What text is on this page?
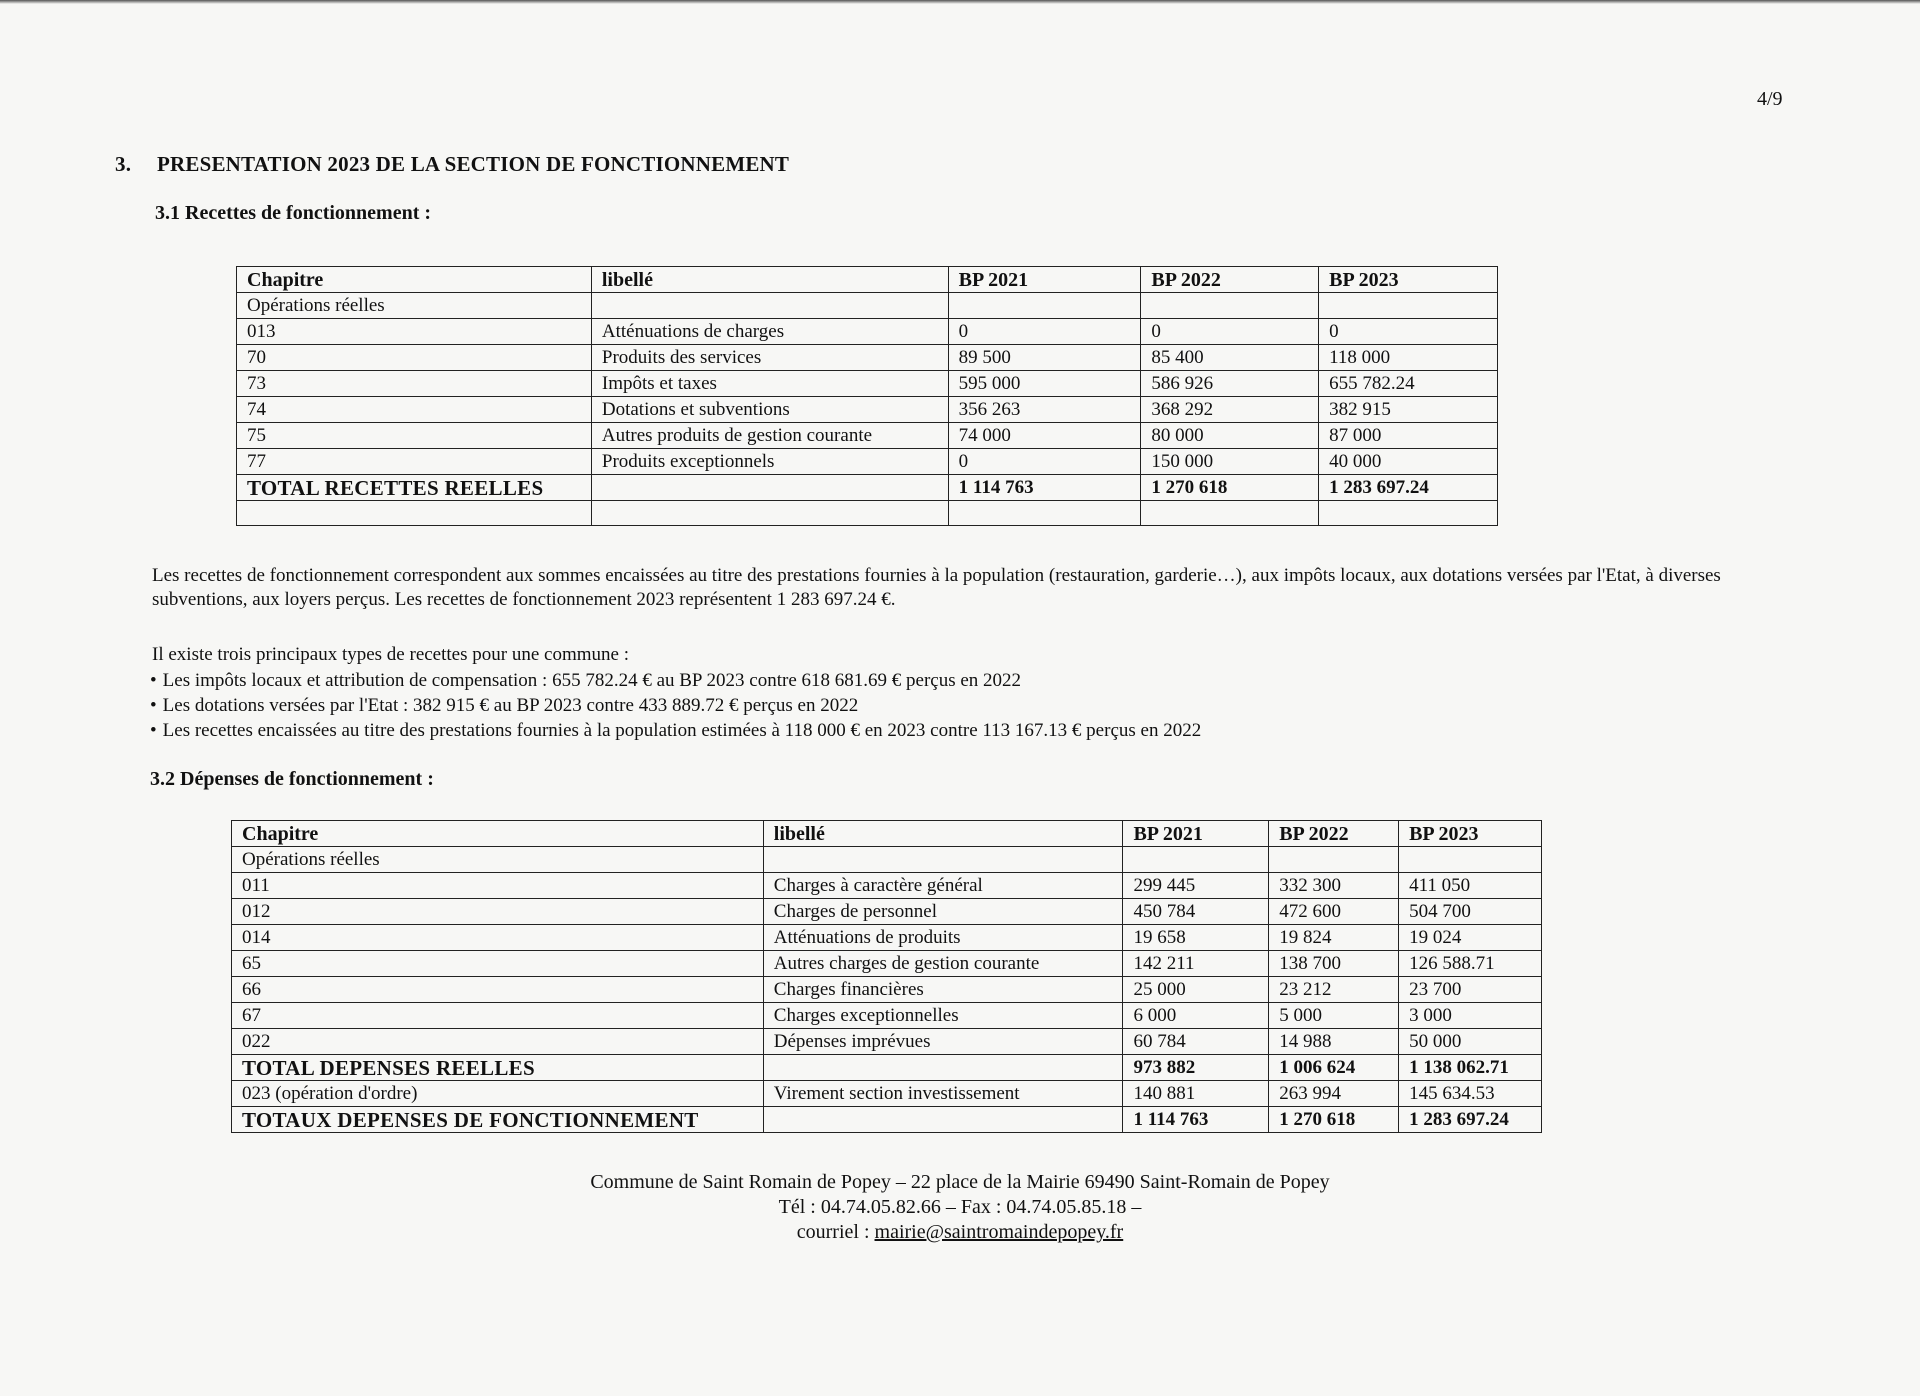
4/9
3. PRESENTATION 2023 DE LA SECTION DE FONCTIONNEMENT
3.1 Recettes de fonctionnement :
Chapitre	libellé	BP 2021	BP 2022	BP 2023
Opérations réelles				
013	Atténuations de charges	0	0	0
70	Produits des services	89 500	85 400	118 000
73	Impôts et taxes	595 000	586 926	655 782.24
74	Dotations et subventions	356 263	368 292	382 915
75	Autres produits de gestion courante	74 000	80 000	87 000
77	Produits exceptionnels	0	150 000	40 000
TOTAL RECETTES REELLES		1 114 763	1 270 618	1 283 697.24

Les recettes de fonctionnement correspondent aux sommes encaissées au titre des prestations fournies à la population (restauration, garderie…), aux impôts locaux, aux dotations versées par l'Etat, à diverses subventions, aux loyers perçus. Les recettes de fonctionnement 2023 représentent 1 283 697.24 €.
Il existe trois principaux types de recettes pour une commune :
• Les impôts locaux et attribution de compensation : 655 782.24 € au BP 2023 contre 618 681.69 € perçus en 2022
• Les dotations versées par l'Etat : 382 915 € au BP 2023 contre 433 889.72 € perçus en 2022
• Les recettes encaissées au titre des prestations fournies à la population estimées à 118 000 € en 2023 contre 113 167.13 € perçus en 2022
3.2 Dépenses de fonctionnement :
Chapitre	libellé	BP 2021	BP 2022	BP 2023
Opérations réelles				
011	Charges à caractère général	299 445	332 300	411 050
012	Charges de personnel	450 784	472 600	504 700
014	Atténuations de produits	19 658	19 824	19 024
65	Autres charges de gestion courante	142 211	138 700	126 588.71
66	Charges financières	25 000	23 212	23 700
67	Charges exceptionnelles	6 000	5 000	3 000
022	Dépenses imprévues	60 784	14 988	50 000
TOTAL DEPENSES REELLES		973 882	1 006 624	1 138 062.71
023 (opération d'ordre)	Virement section investissement	140 881	263 994	145 634.53
TOTAUX DEPENSES DE FONCTIONNEMENT		1 114 763	1 270 618	1 283 697.24
Commune de Saint Romain de Popey – 22 place de la Mairie 69490 Saint-Romain de Popey
Tél : 04.74.05.82.66 – Fax : 04.74.05.85.18 –
courriel : mairie@saintromaindepopey.fr
